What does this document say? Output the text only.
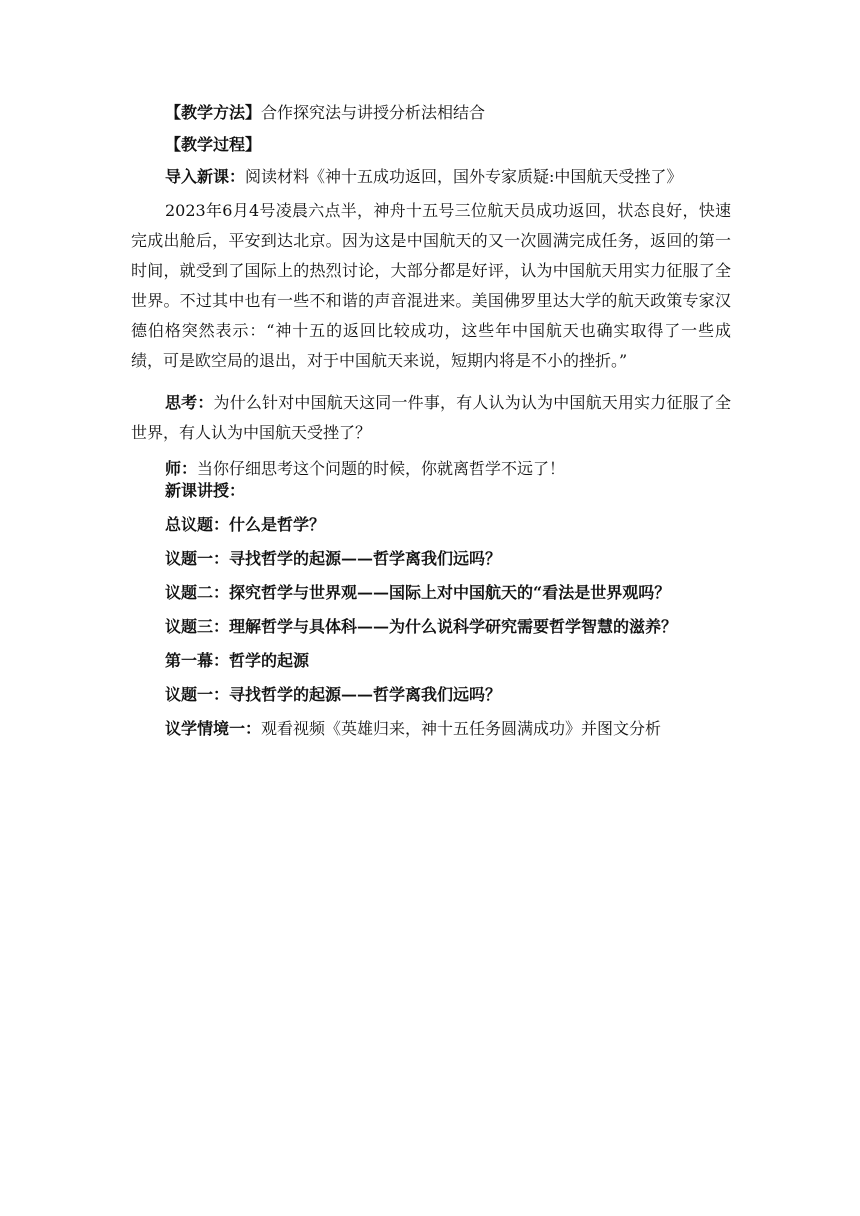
【教学方法】合作探究法与讲授分析法相结合

【教学过程】

导入新课：阅读材料《神十五成功返回，国外专家质疑:中国航天受挫了》

2023年6月4号凌晨六点半，神舟十五号三位航天员成功返回，状态良好，快速完成出舱后，平安到达北京。因为这是中国航天的又一次圆满完成任务，返回的第一时间，就受到了国际上的热烈讨论，大部分都是好评，认为中国航天用实力征服了全世界。不过其中也有一些不和谐的声音混进来。美国佛罗里达大学的航天政策专家汉德伯格突然表示：“神十五的返回比较成功，这些年中国航天也确实取得了一些成绩，可是欧空局的退出，对于中国航天来说，短期内将是不小的挫折。”

思考：为什么针对中国航天这同一件事，有人认为认为中国航天用实力征服了全世界，有人认为中国航天受挫了？

师：当你仔细思考这个问题的时候，你就离哲学不远了！

新课讲授：

总议题：什么是哲学？

议题一：寻找哲学的起源——哲学离我们远吗？

议题二：探究哲学与世界观——国际上对中国航天的“看法是世界观吗？

议题三：理解哲学与具体科——为什么说科学研究需要哲学智慧的滋养？

第一幕：哲学的起源

议题一：寻找哲学的起源——哲学离我们远吗？

议学情境一：观看视频《英雄归来，神十五任务圆满成功》并图文分析
